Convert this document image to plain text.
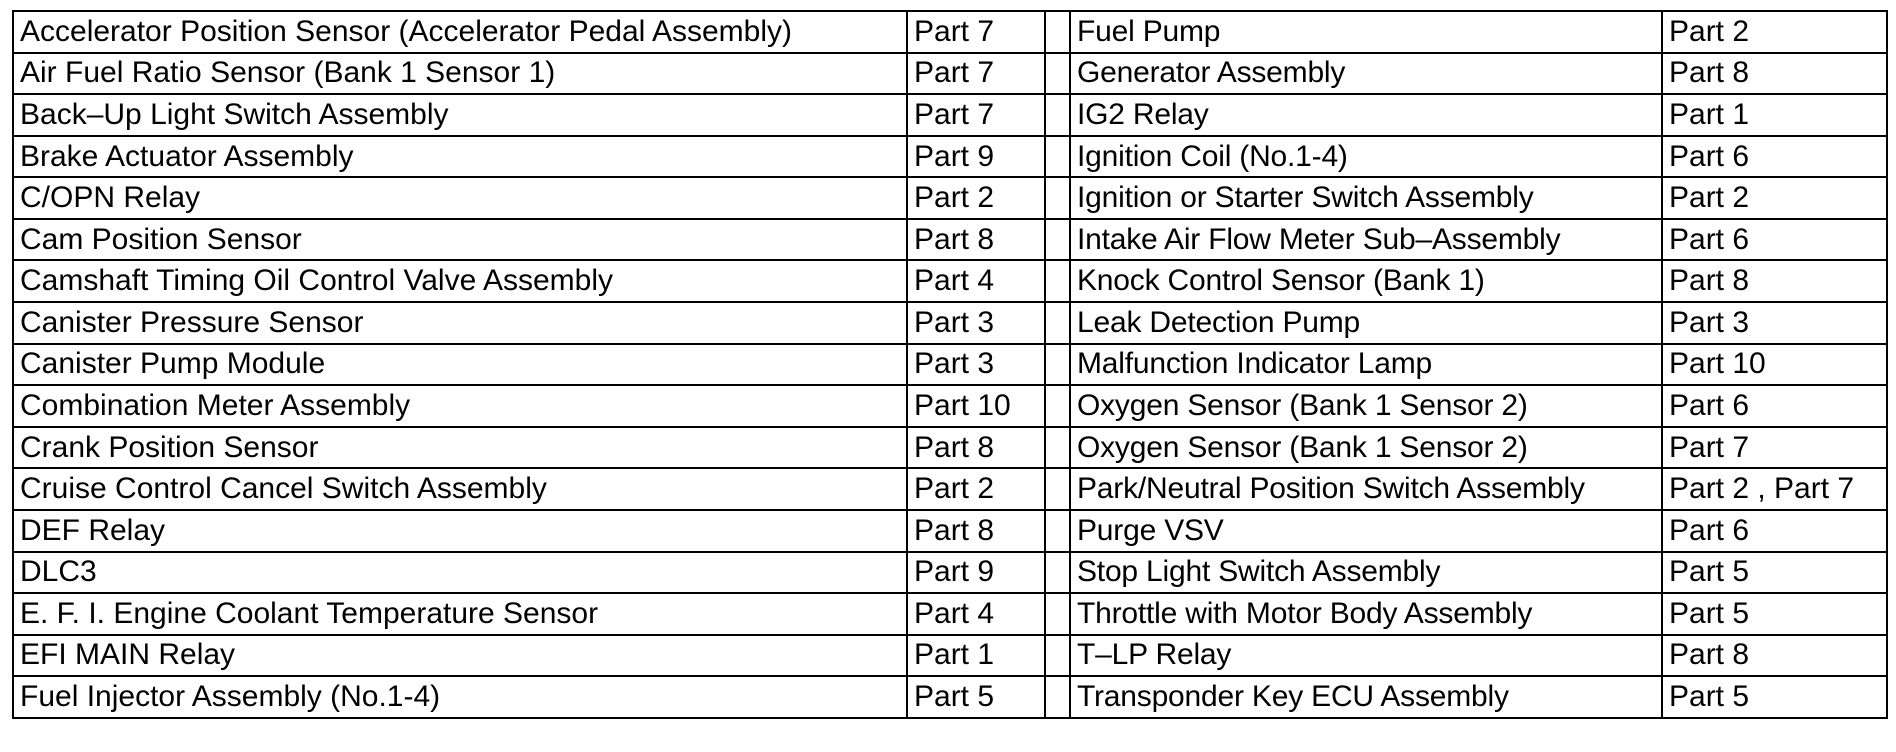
Accelerator Position Sensor (Accelerator Pedal Assembly)	Part 7		Fuel Pump	Part 2
Air Fuel Ratio Sensor (Bank 1 Sensor 1)	Part 7		Generator Assembly	Part 8
Back–Up Light Switch Assembly	Part 7		IG2 Relay	Part 1
Brake Actuator Assembly	Part 9		Ignition Coil (No.1-4)	Part 6
C/OPN Relay	Part 2		Ignition or Starter Switch Assembly	Part 2
Cam Position Sensor	Part 8		Intake Air Flow Meter Sub–Assembly	Part 6
Camshaft Timing Oil Control Valve Assembly	Part 4		Knock Control Sensor (Bank 1)	Part 8
Canister Pressure Sensor	Part 3		Leak Detection Pump	Part 3
Canister Pump Module	Part 3		Malfunction Indicator Lamp	Part 10
Combination Meter Assembly	Part 10		Oxygen Sensor (Bank 1 Sensor 2)	Part 6
Crank Position Sensor	Part 8		Oxygen Sensor (Bank 1 Sensor 2)	Part 7
Cruise Control Cancel Switch Assembly	Part 2		Park/Neutral Position Switch Assembly	Part 2 , Part 7
DEF Relay	Part 8		Purge VSV	Part 6
DLC3	Part 9		Stop Light Switch Assembly	Part 5
E. F. I. Engine Coolant Temperature Sensor	Part 4		Throttle with Motor Body Assembly	Part 5
EFI MAIN Relay	Part 1		T–LP Relay	Part 8
Fuel Injector Assembly (No.1-4)	Part 5		Transponder Key ECU Assembly	Part 5
